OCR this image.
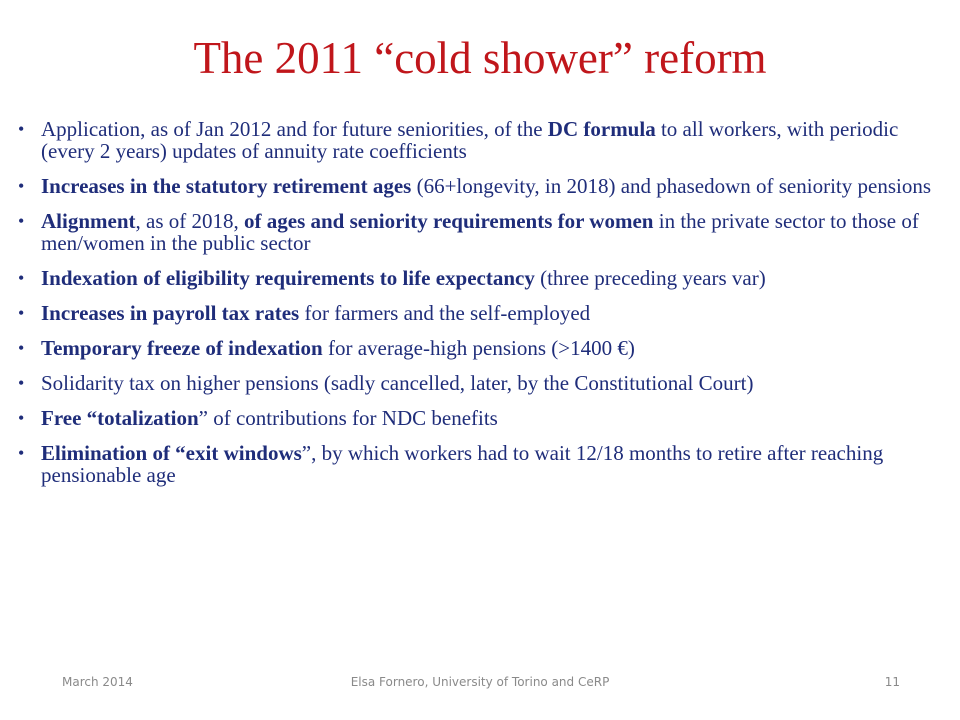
The 2011 “cold shower” reform
• Application, as of Jan 2012 and for future seniorities, of the DC formula to all workers, with periodic (every 2 years) updates of annuity rate coefficients
• Increases in the statutory retirement ages (66+longevity, in 2018) and phasedown of seniority pensions
• Alignment, as of 2018, of ages and seniority requirements for women in the private sector to those of men/women in the public sector
• Indexation of eligibility requirements to life expectancy (three preceding years var)
• Increases in payroll tax rates for farmers and the self-employed
• Temporary freeze of indexation for average-high pensions (>1400 €)
• Solidarity tax on higher pensions (sadly cancelled, later, by the Constitutional Court)
• Free “totalization” of contributions for NDC benefits
• Elimination of “exit windows”, by which workers had to wait 12/18 months to retire after reaching pensionable age
March 2014	Elsa Fornero, University of Torino and CeRP	11
